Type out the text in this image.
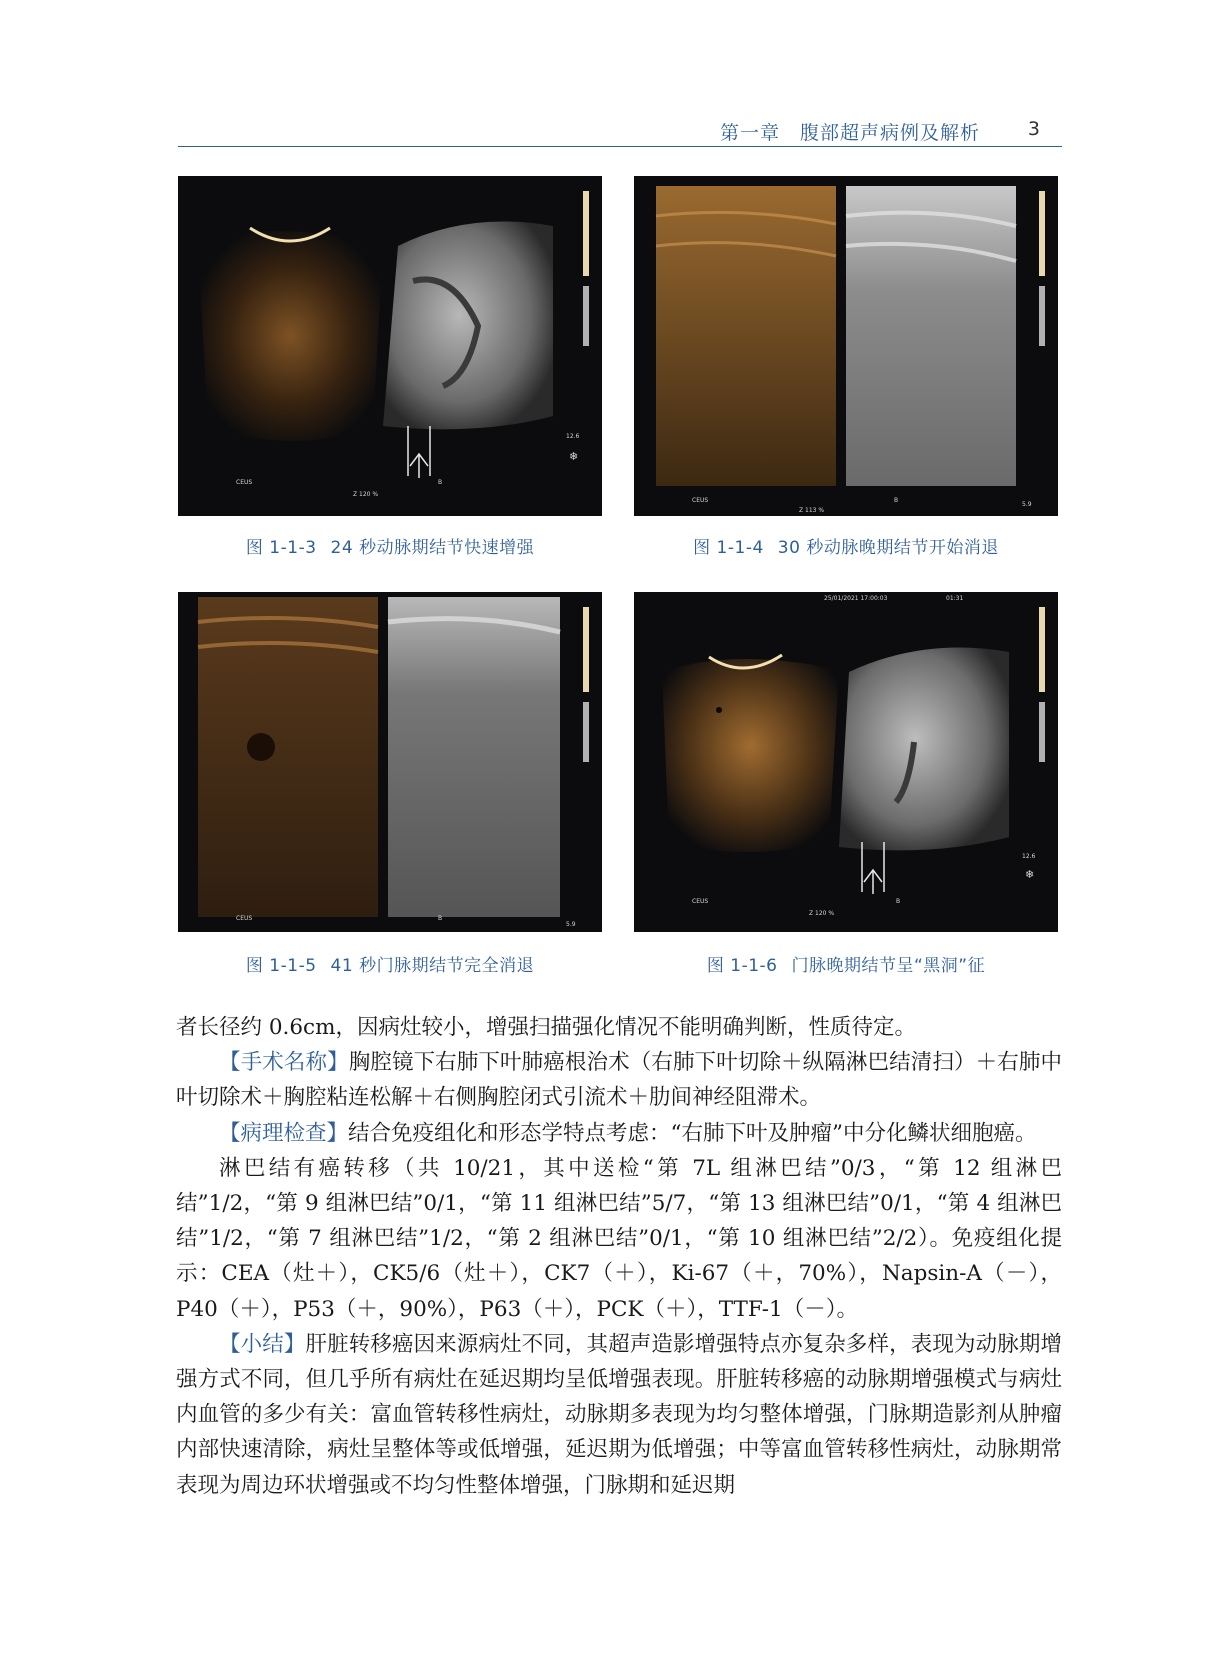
第一章　腹部超声病例及解析	3
CEUS	B
Z 120 %
12.6
❄
图 1-1-3 24 秒动脉期结节快速增强
CEUS	B
Z 113 %
5.9
图 1-1-4 30 秒动脉晚期结节开始消退
CEUS	B
5.9
图 1-1-5 41 秒门脉期结节完全消退
25/01/2021 17:00:03	01:31
CEUS	B
Z 120 %
12.6
❄
图 1-1-6 门脉晚期结节呈“黑洞”征

者长径约 0.6cm，因病灶较小，增强扫描强化情况不能明确判断，性质待定。

【手术名称】胸腔镜下右肺下叶肺癌根治术（右肺下叶切除＋纵隔淋巴结清扫）＋右肺中叶切除术＋胸腔粘连松解＋右侧胸腔闭式引流术＋肋间神经阻滞术。

【病理检查】结合免疫组化和形态学特点考虑：“右肺下叶及肿瘤”中分化鳞状细胞癌。

淋巴结有癌转移（共 10/21，其中送检“第 7L 组淋巴结”0/3，“第 12 组淋巴结”1/2，“第 9 组淋巴结”0/1，“第 11 组淋巴结”5/7，“第 13 组淋巴结”0/1，“第 4 组淋巴结”1/2，“第 7 组淋巴结”1/2，“第 2 组淋巴结”0/1，“第 10 组淋巴结”2/2）。免疫组化提示：CEA（灶＋），CK5/6（灶＋），CK7（＋），Ki-67（＋，70%），Napsin-A（－），P40（＋），P53（＋，90%），P63（＋），PCK（＋），TTF-1（－）。

【小结】肝脏转移癌因来源病灶不同，其超声造影增强特点亦复杂多样，表现为动脉期增强方式不同，但几乎所有病灶在延迟期均呈低增强表现。肝脏转移癌的动脉期增强模式与病灶内血管的多少有关：富血管转移性病灶，动脉期多表现为均匀整体增强，门脉期造影剂从肿瘤内部快速清除，病灶呈整体等或低增强，延迟期为低增强；中等富血管转移性病灶，动脉期常表现为周边环状增强或不均匀性整体增强，门脉期和延迟期
